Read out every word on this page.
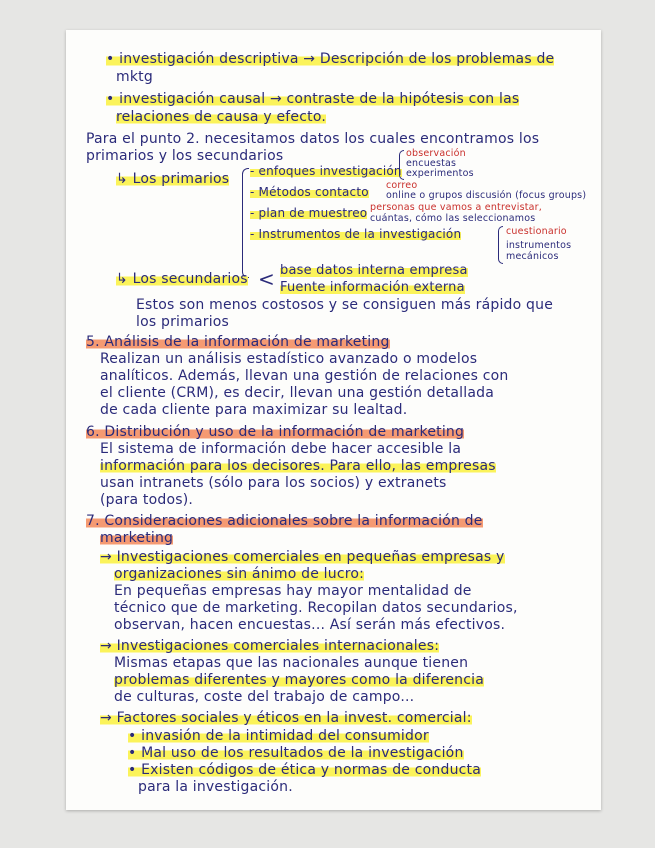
• investigación descriptiva → Descripción de los problemas de
mktg
• investigación causal → contraste de la hipótesis con las
relaciones de causa y efecto.
Para el punto 2. necesitamos datos los cuales encontramos los
primarios y los secundarios
↳ Los primarios - enfoques investigación
observación
encuestas
experimentos
- Métodos contacto correo
online o grupos discusión (focus groups)
- plan de muestreo personas que vamos a entrevistar,
cuántas, cómo las seleccionamos
- Instrumentos de la investigación	cuestionario
instrumentos
mecánicos
↳ Los secundarios < base datos interna empresa
Fuente información externa
Estos son menos costosos y se consiguen más rápido que
los primarios
5. Análisis de la información de marketing
Realizan un análisis estadístico avanzado o modelos
analíticos. Además, llevan una gestión de relaciones con
el cliente (CRM), es decir, llevan una gestión detallada
de cada cliente para maximizar su lealtad.
6. Distribución y uso de la información de marketing
El sistema de información debe hacer accesible la
información para los decisores. Para ello, las empresas
usan intranets (sólo para los socios) y extranets
(para todos).
7. Consideraciones adicionales sobre la información de
marketing
→ Investigaciones comerciales en pequeñas empresas y
organizaciones sin ánimo de lucro:
En pequeñas empresas hay mayor mentalidad de
técnico que de marketing. Recopilan datos secundarios,
observan, hacen encuestas... Así serán más efectivos.
→ Investigaciones comerciales internacionales:
Mismas etapas que las nacionales aunque tienen
problemas diferentes y mayores como la diferencia
de culturas, coste del trabajo de campo...
→ Factores sociales y éticos en la invest. comercial:
• invasión de la intimidad del consumidor
• Mal uso de los resultados de la investigación
• Existen códigos de ética y normas de conducta
para la investigación.
